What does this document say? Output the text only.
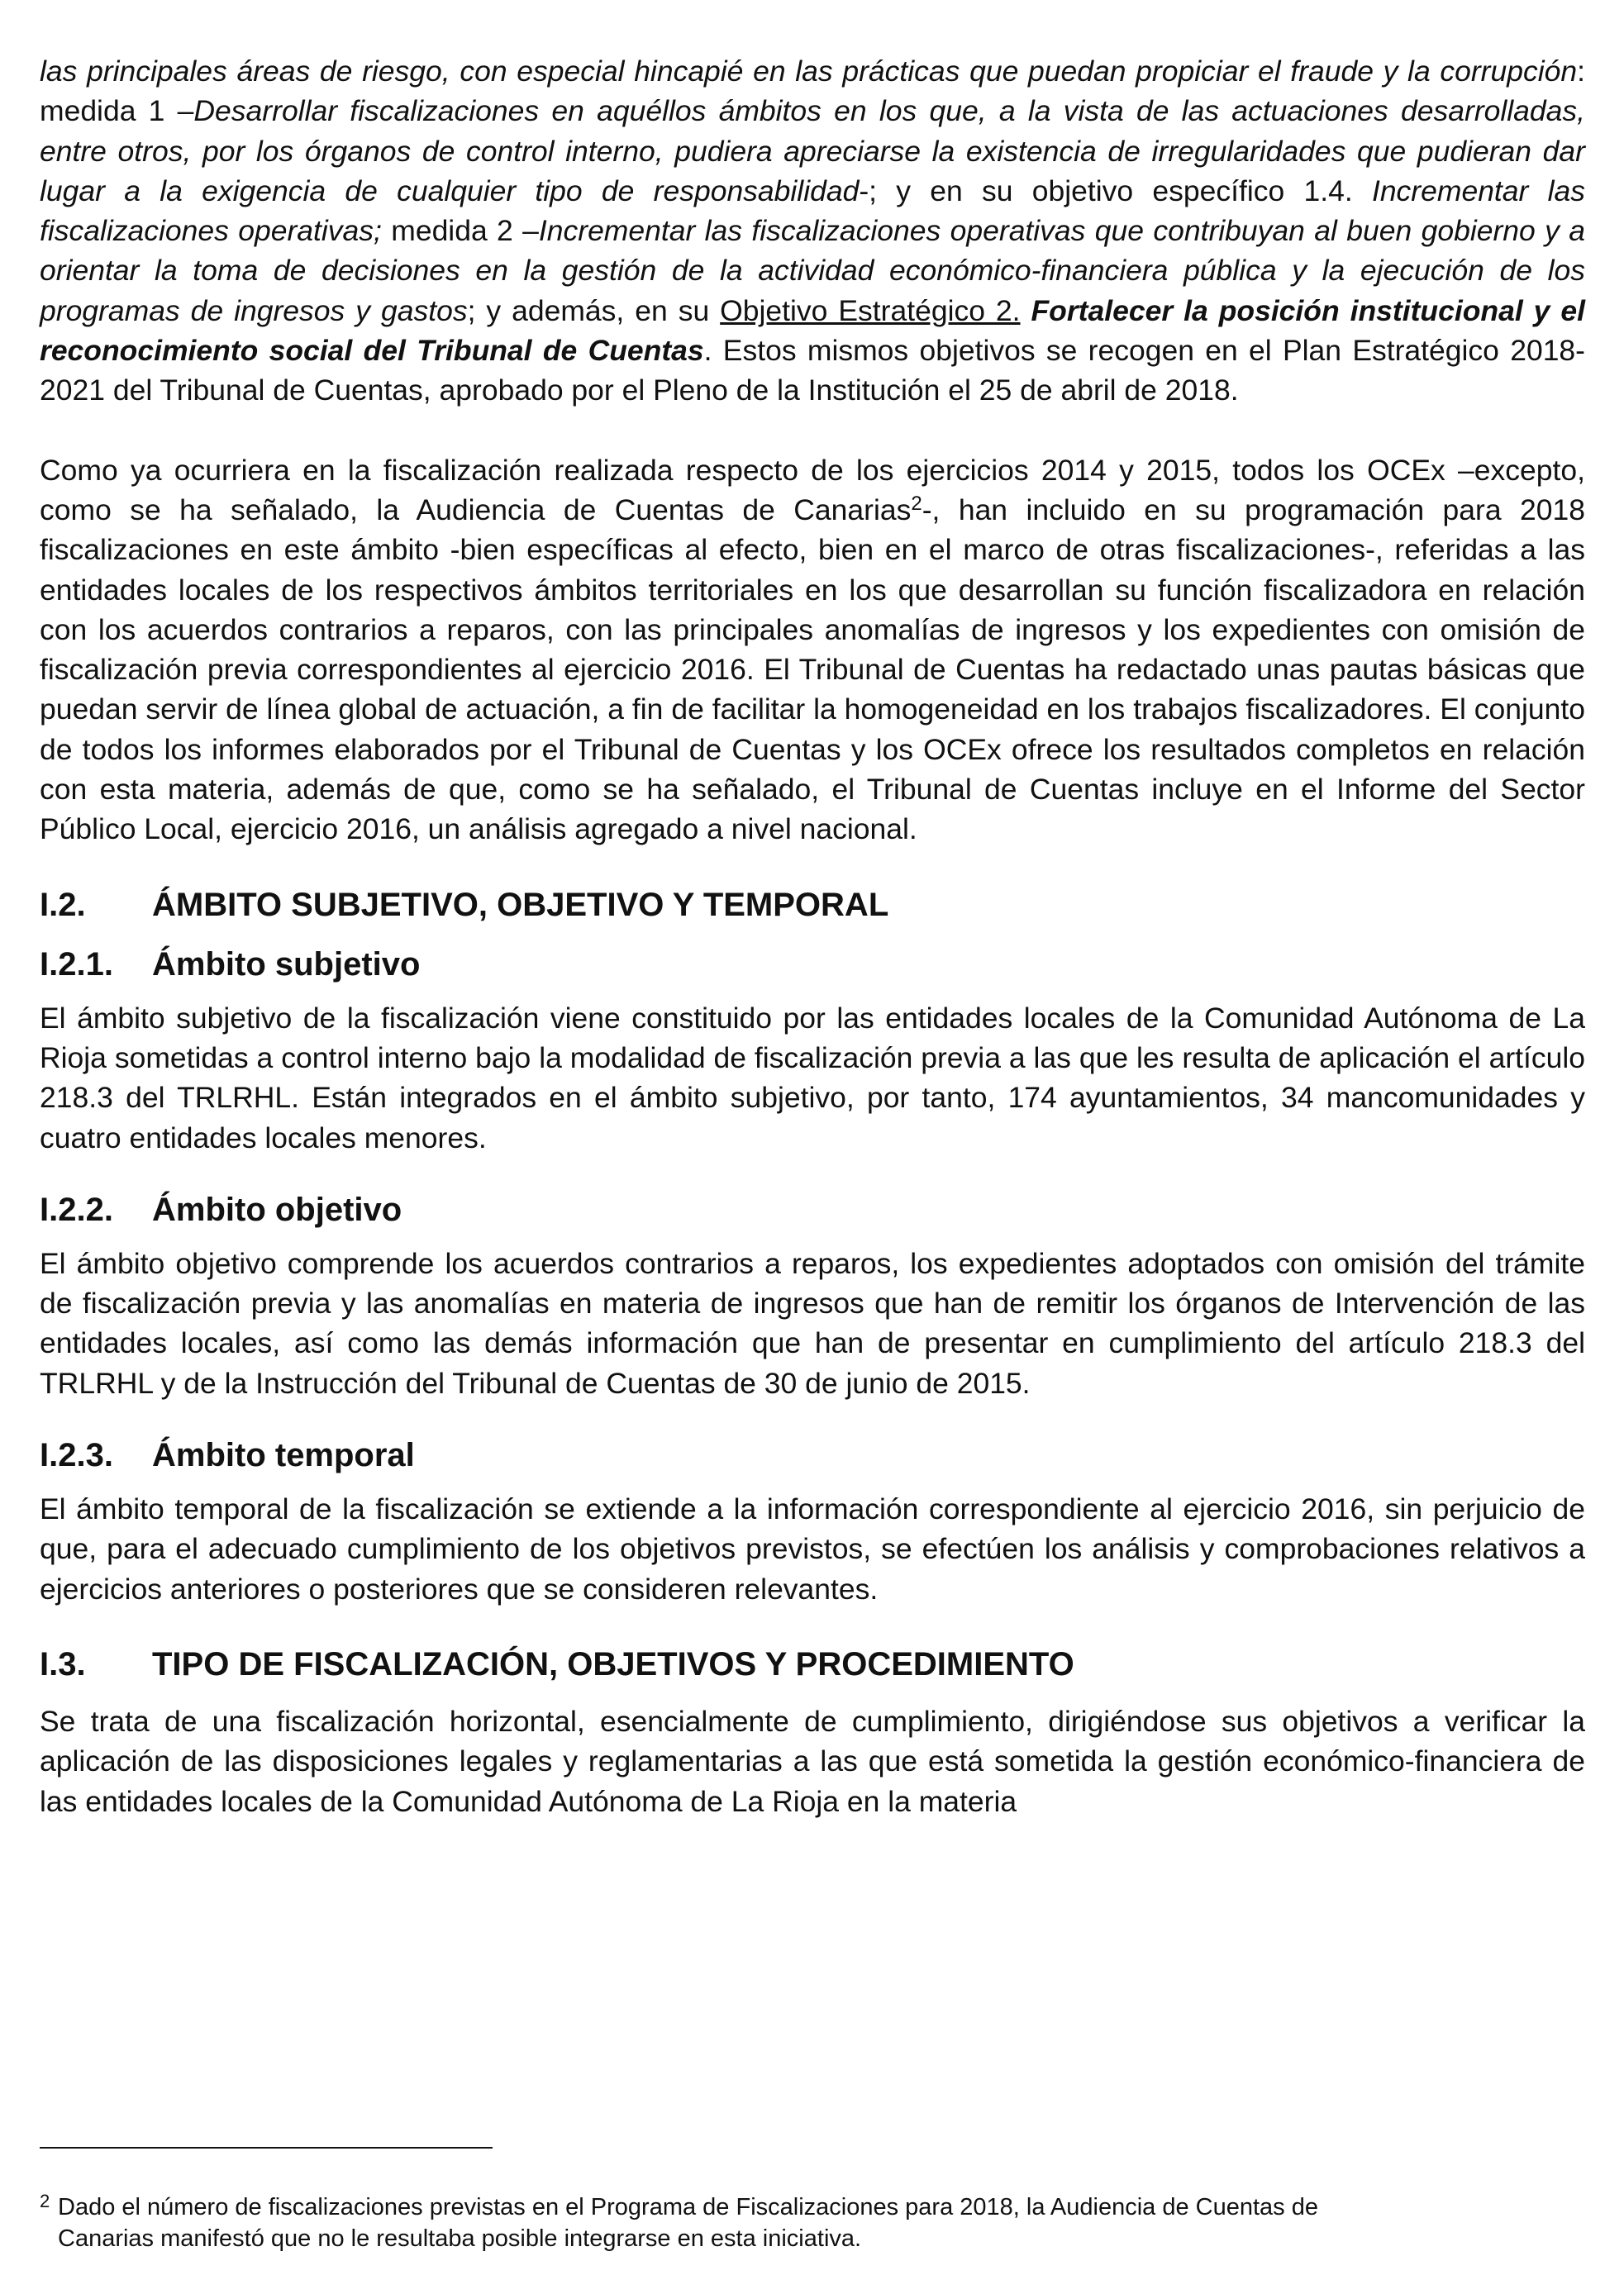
las principales áreas de riesgo, con especial hincapié en las prácticas que puedan propiciar el fraude y la corrupción: medida 1 –Desarrollar fiscalizaciones en aquéllos ámbitos en los que, a la vista de las actuaciones desarrolladas, entre otros, por los órganos de control interno, pudiera apreciarse la existencia de irregularidades que pudieran dar lugar a la exigencia de cualquier tipo de responsabilidad-; y en su objetivo específico 1.4. Incrementar las fiscalizaciones operativas; medida 2 –Incrementar las fiscalizaciones operativas que contribuyan al buen gobierno y a orientar la toma de decisiones en la gestión de la actividad económico-financiera pública y la ejecución de los programas de ingresos y gastos; y además, en su Objetivo Estratégico 2. Fortalecer la posición institucional y el reconocimiento social del Tribunal de Cuentas. Estos mismos objetivos se recogen en el Plan Estratégico 2018-2021 del Tribunal de Cuentas, aprobado por el Pleno de la Institución el 25 de abril de 2018.

Como ya ocurriera en la fiscalización realizada respecto de los ejercicios 2014 y 2015, todos los OCEx –excepto, como se ha señalado, la Audiencia de Cuentas de Canarias$^2$-, han incluido en su programación para 2018 fiscalizaciones en este ámbito -bien específicas al efecto, bien en el marco de otras fiscalizaciones-, referidas a las entidades locales de los respectivos ámbitos territoriales en los que desarrollan su función fiscalizadora en relación con los acuerdos contrarios a reparos, con las principales anomalías de ingresos y los expedientes con omisión de fiscalización previa correspondientes al ejercicio 2016. El Tribunal de Cuentas ha redactado unas pautas básicas que puedan servir de línea global de actuación, a fin de facilitar la homogeneidad en los trabajos fiscalizadores. El conjunto de todos los informes elaborados por el Tribunal de Cuentas y los OCEx ofrece los resultados completos en relación con esta materia, además de que, como se ha señalado, el Tribunal de Cuentas incluye en el Informe del Sector Público Local, ejercicio 2016, un análisis agregado a nivel nacional.

I.2. ÁMBITO SUBJETIVO, OBJETIVO Y TEMPORAL
I.2.1. Ámbito subjetivo

El ámbito subjetivo de la fiscalización viene constituido por las entidades locales de la Comunidad Autónoma de La Rioja sometidas a control interno bajo la modalidad de fiscalización previa a las que les resulta de aplicación el artículo 218.3 del TRLRHL. Están integrados en el ámbito subjetivo, por tanto, 174 ayuntamientos, 34 mancomunidades y cuatro entidades locales menores.

I.2.2. Ámbito objetivo

El ámbito objetivo comprende los acuerdos contrarios a reparos, los expedientes adoptados con omisión del trámite de fiscalización previa y las anomalías en materia de ingresos que han de remitir los órganos de Intervención de las entidades locales, así como las demás información que han de presentar en cumplimiento del artículo 218.3 del TRLRHL y de la Instrucción del Tribunal de Cuentas de 30 de junio de 2015.

I.2.3. Ámbito temporal

El ámbito temporal de la fiscalización se extiende a la información correspondiente al ejercicio 2016, sin perjuicio de que, para el adecuado cumplimiento de los objetivos previstos, se efectúen los análisis y comprobaciones relativos a ejercicios anteriores o posteriores que se consideren relevantes.

I.3. TIPO DE FISCALIZACIÓN, OBJETIVOS Y PROCEDIMIENTO

Se trata de una fiscalización horizontal, esencialmente de cumplimiento, dirigiéndose sus objetivos a verificar la aplicación de las disposiciones legales y reglamentarias a las que está sometida la gestión económico-financiera de las entidades locales de la Comunidad Autónoma de La Rioja en la materia

2 Dado el número de fiscalizaciones previstas en el Programa de Fiscalizaciones para 2018, la Audiencia de Cuentas de
Canarias manifestó que no le resultaba posible integrarse en esta iniciativa.
